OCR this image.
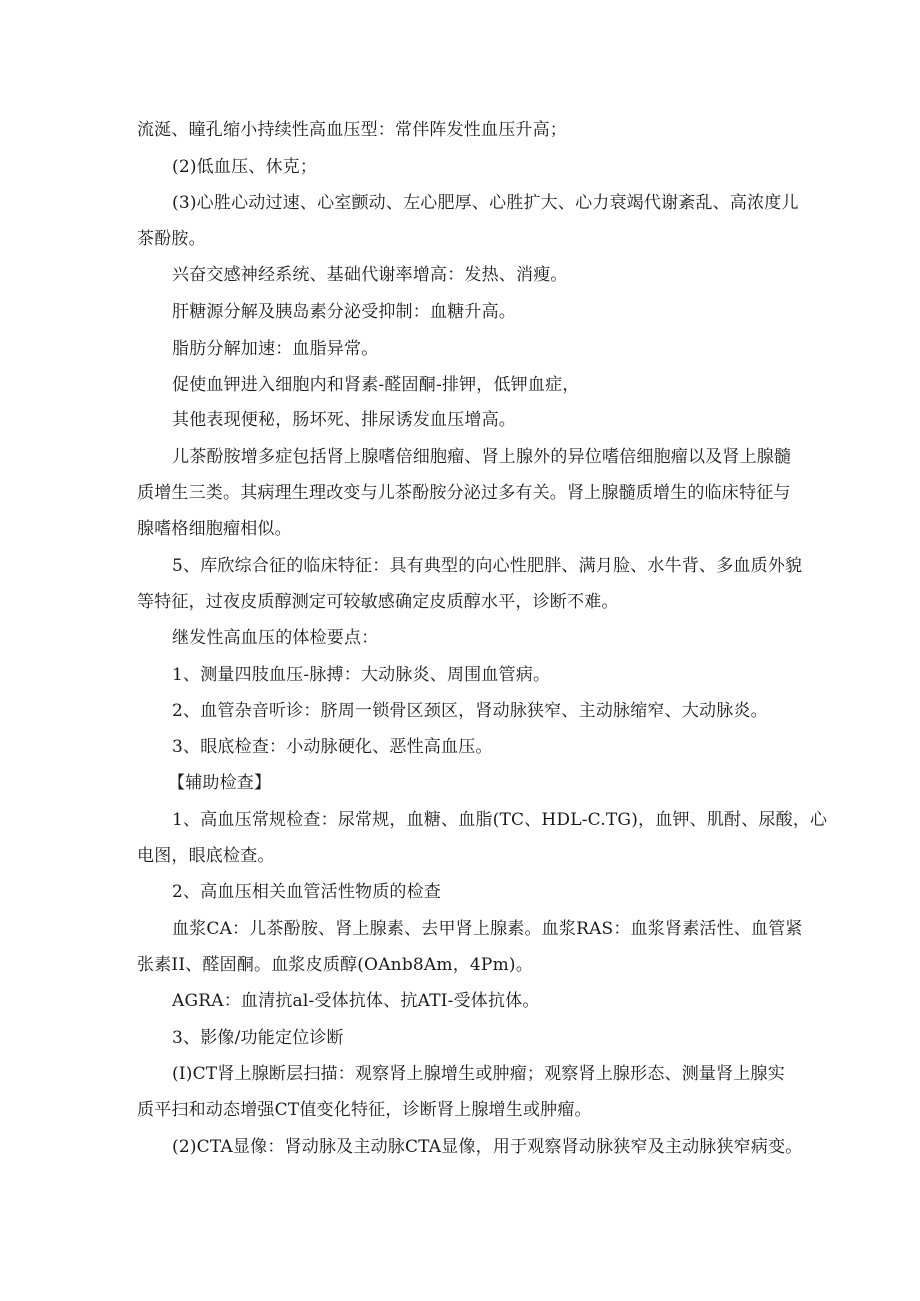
流涎、瞳孔缩小持续性高血压型：常伴阵发性血压升高；

(2)低血压、休克；

(3)心胜心动过速、心室颤动、左心肥厚、心胜扩大、心力衰竭代谢紊乱、高浓度儿

茶酚胺。

兴奋交感神经系统、基础代谢率增高：发热、消瘦。

肝糖源分解及胰岛素分泌受抑制：血糖升高。

脂肪分解加速：血脂异常。

促使血钾进入细胞内和肾素-醛固酮-排钾，低钾血症，

其他表现便秘，肠坏死、排尿诱发血压增高。

儿茶酚胺增多症包括肾上腺嗜倍细胞瘤、肾上腺外的异位嗜倍细胞瘤以及肾上腺髓

质增生三类。其病理生理改变与儿茶酚胺分泌过多有关。肾上腺髓质增生的临床特征与

腺嗜格细胞瘤相似。

5、库欣综合征的临床特征：具有典型的向心性肥胖、满月脸、水牛背、多血质外貌

等特征，过夜皮质醇测定可较敏感确定皮质醇水平，诊断不难。

继发性高血压的体检要点：

1、测量四肢血压-脉搏：大动脉炎、周围血管病。

2、血管杂音听诊：脐周一锁骨区颈区，肾动脉狭窄、主动脉缩窄、大动脉炎。

3、眼底检查：小动脉硬化、恶性高血压。

【辅助检查】

1、高血压常规检查：尿常规，血糖、血脂(TC、HDL-C.TG)，血钾、肌酎、尿酸，心

电图，眼底检查。

2、高血压相关血管活性物质的检查

血浆CA：儿茶酚胺、肾上腺素、去甲肾上腺素。血浆RAS：血浆肾素活性、血管紧

张素II、醛固酮。血浆皮质醇(OAnb8Am，4Pm)。

AGRA：血清抗al-受体抗体、抗ATI-受体抗体。

3、影像/功能定位诊断

(I)CT肾上腺断层扫描：观察肾上腺增生或肿瘤；观察肾上腺形态、测量肾上腺实

质平扫和动态增强CT值变化特征，诊断肾上腺增生或肿瘤。

(2)CTA显像：肾动脉及主动脉CTA显像，用于观察肾动脉狭窄及主动脉狭窄病变。
